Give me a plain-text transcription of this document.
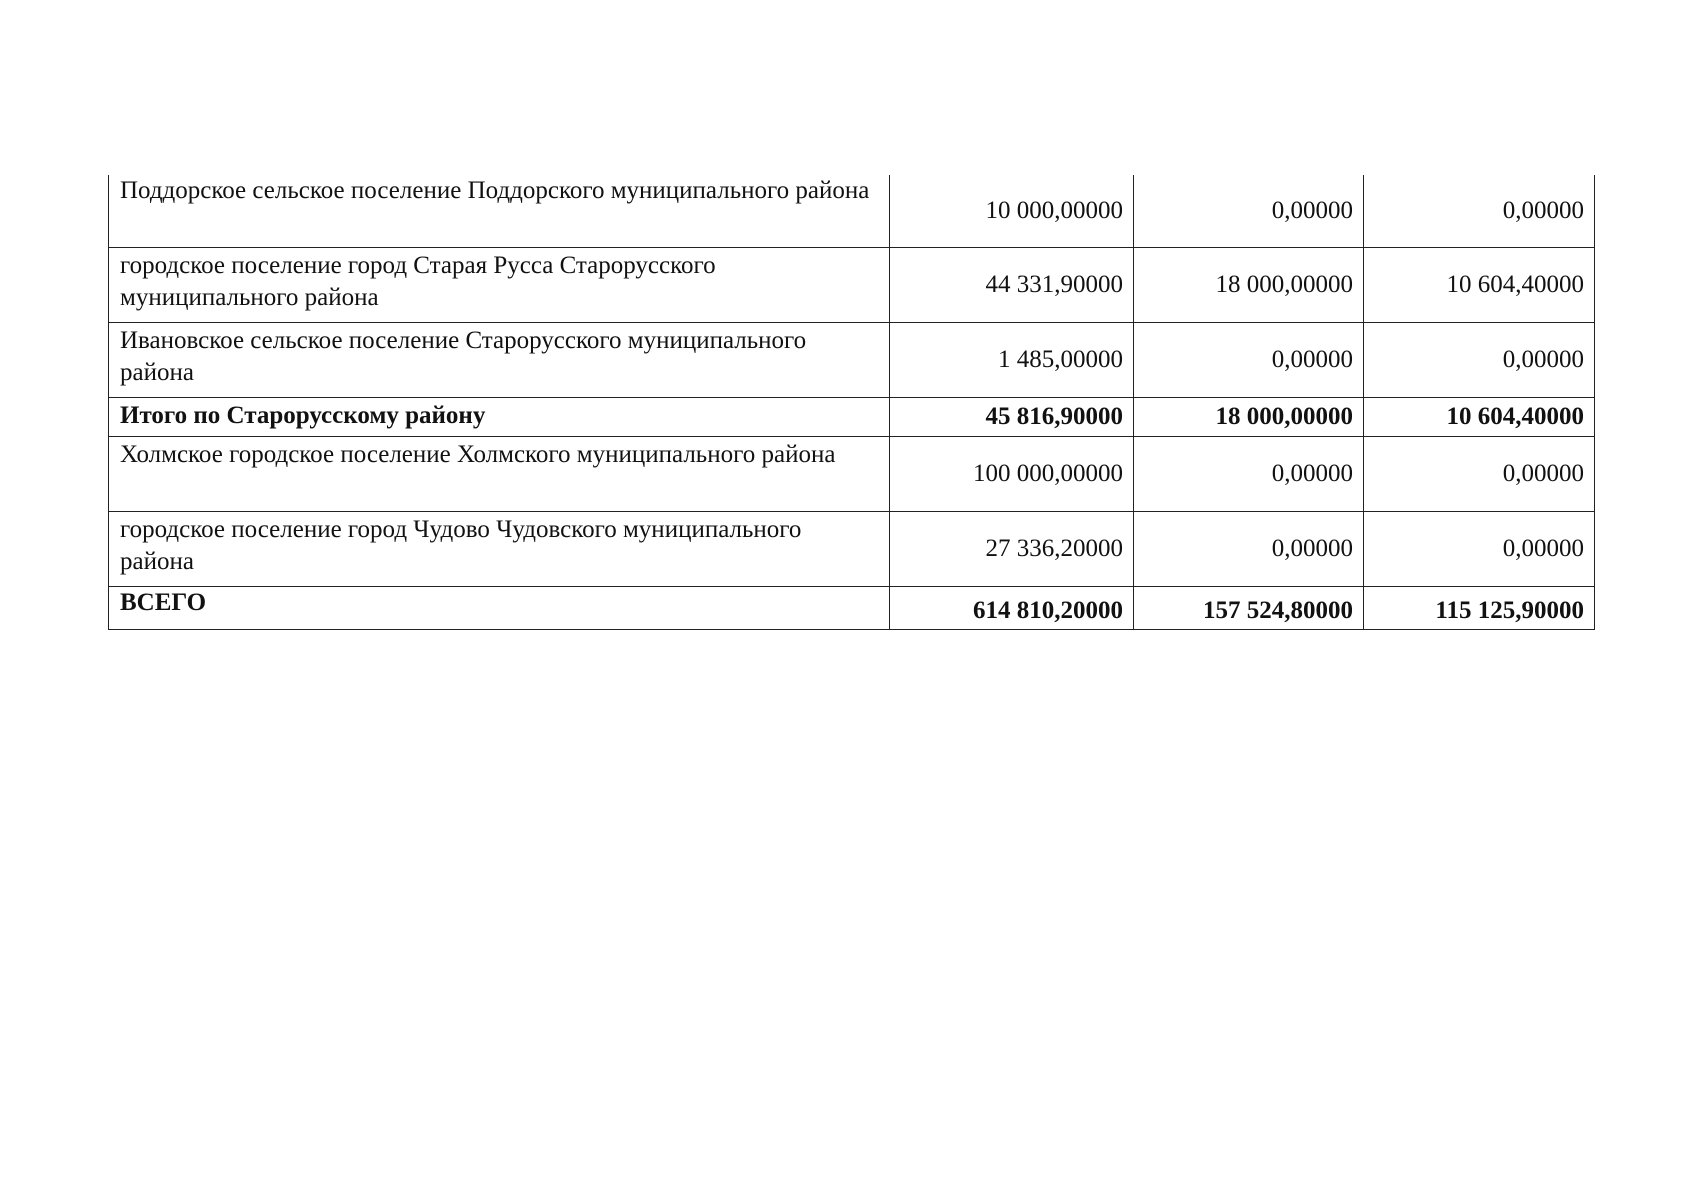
Поддорское сельское поселение Поддорского муниципального района	10 000,00000	0,00000	0,00000
городское поселение город Старая Русса Старорусского муниципального района	44 331,90000	18 000,00000	10 604,40000
Ивановское сельское поселение Старорусского муниципального района	1 485,00000	0,00000	0,00000
Итого по Старорусскому району	45 816,90000	18 000,00000	10 604,40000
Холмское городское поселение Холмского муниципального района	100 000,00000	0,00000	0,00000
городское поселение город Чудово Чудовского муниципального района	27 336,20000	0,00000	0,00000
ВСЕГО	614 810,20000	157 524,80000	115 125,90000
